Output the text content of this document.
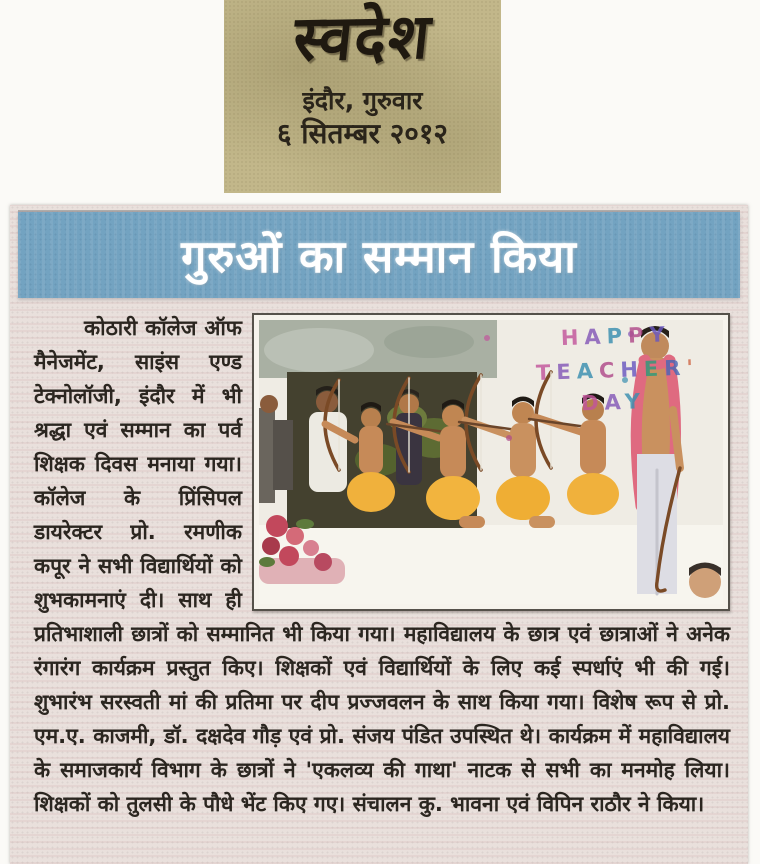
स्वदेश
इंदौर, गुरुवार
६ सितम्बर २०१२
गुरुओं का सम्मान किया
HAPPY
TEACHER'
DAY
कोठारी कॉलेज ऑफ मैनेजमेंट, साइंस एण्ड टेक्नोलॉजी, इंदौर में भी श्रद्धा एवं सम्मान का पर्व शिक्षक दिवस मनाया गया। कॉलेज के प्रिंसिपल डायरेक्टर प्रो. रमणीक कपूर ने सभी विद्यार्थियों को शुभकामनाएं दी। साथ ही प्रतिभाशाली छात्रों को सम्मानित भी किया गया। महाविद्यालय के छात्र एवं छात्राओं ने अनेक रंगारंग कार्यक्रम प्रस्तुत किए। शिक्षकों एवं विद्यार्थियों के लिए कई स्पर्धाएं भी की गई। शुभारंभ सरस्वती मां की प्रतिमा पर दीप प्रज्जवलन के साथ किया गया। विशेष रूप से प्रो. एम.ए. काजमी, डॉ. दक्षदेव गौड़ एवं प्रो. संजय पंडित उपस्थित थे। कार्यक्रम में महाविद्यालय के समाजकार्य विभाग के छात्रों ने 'एकलव्य की गाथा' नाटक से सभी का मनमोह लिया। शिक्षकों को तुलसी के पौधे भेंट किए गए। संचालन कु. भावना एवं विपिन राठौर ने किया।
